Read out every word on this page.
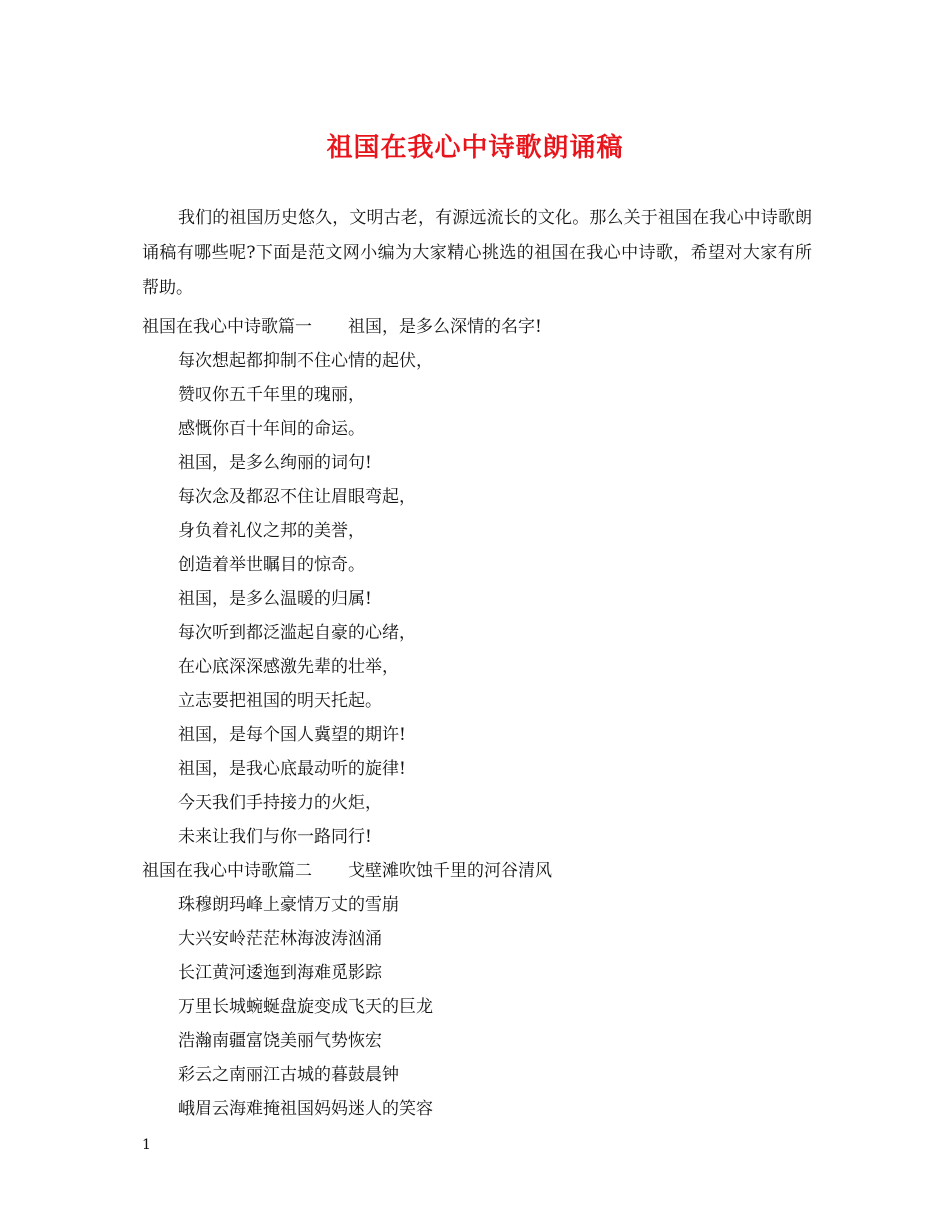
祖国在我心中诗歌朗诵稿

我们的祖国历史悠久，文明古老，有源远流长的文化。那么关于祖国在我心中诗歌朗诵稿有哪些呢?下面是范文网小编为大家精心挑选的祖国在我心中诗歌，希望对大家有所帮助。

祖国在我心中诗歌篇一 祖国，是多么深情的名字!
每次想起都抑制不住心情的起伏，
赞叹你五千年里的瑰丽，
感慨你百十年间的命运。
祖国，是多么绚丽的词句!
每次念及都忍不住让眉眼弯起，
身负着礼仪之邦的美誉，
创造着举世瞩目的惊奇。
祖国，是多么温暖的归属!
每次听到都泛滥起自豪的心绪，
在心底深深感激先辈的壮举，
立志要把祖国的明天托起。
祖国，是每个国人冀望的期许!
祖国，是我心底最动听的旋律!
今天我们手持接力的火炬，
未来让我们与你一路同行!
祖国在我心中诗歌篇二 戈壁滩吹蚀千里的河谷清风
珠穆朗玛峰上豪情万丈的雪崩
大兴安岭茫茫林海波涛汹涌
长江黄河逶迤到海难觅影踪
万里长城蜿蜒盘旋变成飞天的巨龙
浩瀚南疆富饶美丽气势恢宏
彩云之南丽江古城的暮鼓晨钟
峨眉云海难掩祖国妈妈迷人的笑容
1
